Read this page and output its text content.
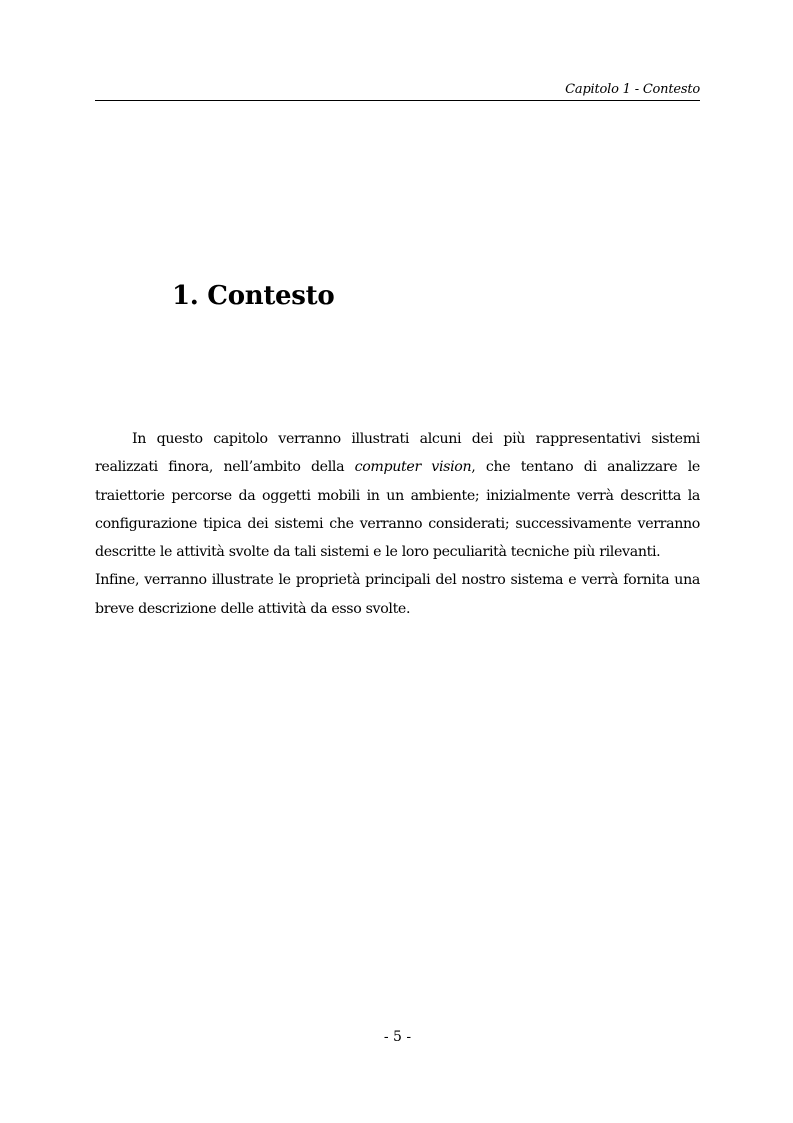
Capitolo 1 - Contesto
1. Contesto

In questo capitolo verranno illustrati alcuni dei più rappresentativi sistemi realizzati finora, nell’ambito della computer vision, che tentano di analizzare le traiettorie percorse da oggetti mobili in un ambiente; inizialmente verrà descritta la configurazione tipica dei sistemi che verranno considerati; successivamente verranno descritte le attività svolte da tali sistemi e le loro peculiarità tecniche più rilevanti.

Infine, verranno illustrate le proprietà principali del nostro sistema e verrà fornita una breve descrizione delle attività da esso svolte.

- 5 -
